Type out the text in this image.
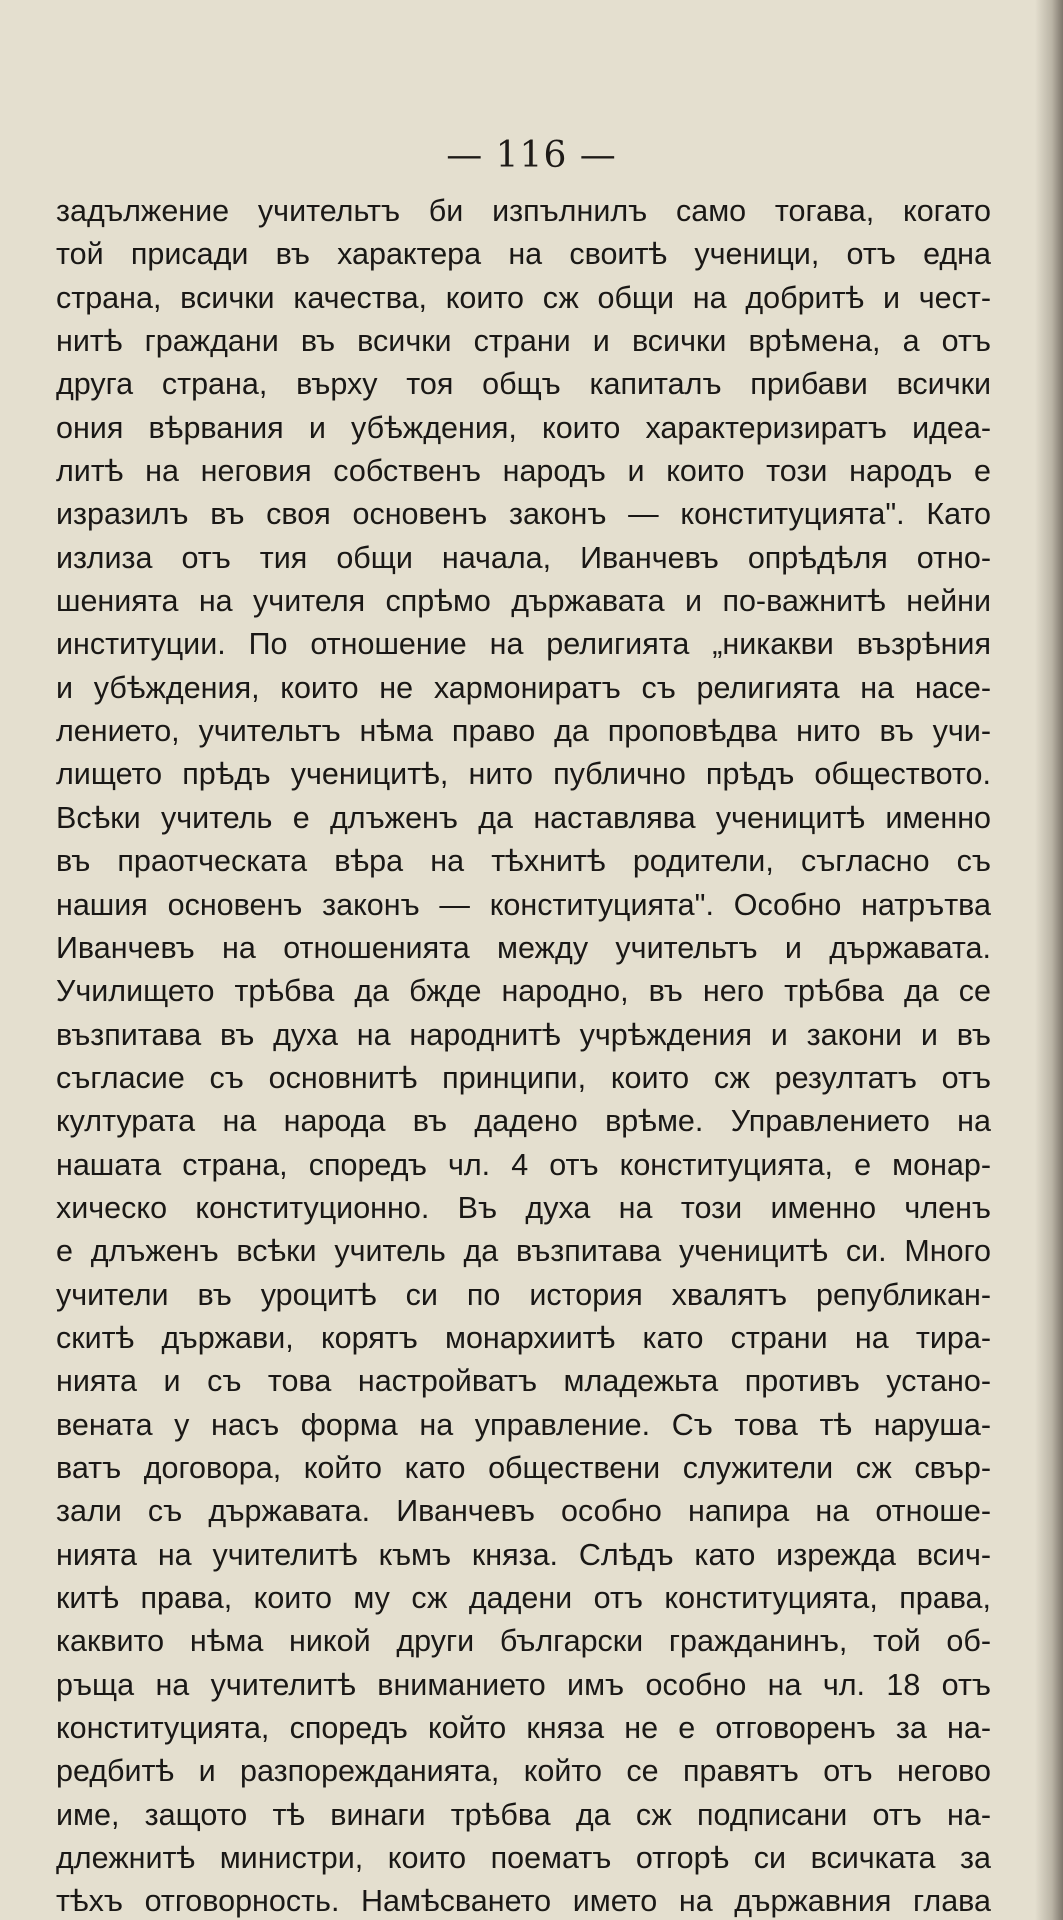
— 116 —
задължение учительтъ би изпълнилъ само тогава, когато
той присади въ характера на своитѣ ученици, отъ една
страна, всички качества, които сж общи на добритѣ и чест-
нитѣ граждани въ всички страни и всички врѣмена, а отъ
друга страна, върху тоя общъ капиталъ прибави всички
ония вѣрвания и убѣждения, които характеризиратъ идеа-
литѣ на неговия собственъ народъ и които този народъ е
изразилъ въ своя основенъ законъ — конституцията". Като
излиза отъ тия общи начала, Иванчевъ опрѣдѣля отно-
шенията на учителя спрѣмо държавата и по-важнитѣ нейни
институции. По отношение на религията „никакви възрѣния
и убѣждения, които не хармониратъ съ религията на насе-
лението, учительтъ нѣма право да проповѣдва нито въ учи-
лището прѣдъ ученицитѣ, нито публично прѣдъ обществото.
Всѣки учитель е длъженъ да наставлява ученицитѣ именно
въ праотческата вѣра на тѣхнитѣ родители, съгласно съ
нашия основенъ законъ — конституцията". Особно натрътва
Иванчевъ на отношенията между учительтъ и държавата.
Училището трѣбва да бжде народно, въ него трѣбва да се
възпитава въ духа на народнитѣ учрѣждения и закони и въ
съгласие съ основнитѣ принципи, които сж резултатъ отъ
културата на народа въ дадено врѣме. Управлението на
нашата страна, споредъ чл. 4 отъ конституцията, е монар-
хическо конституционно. Въ духа на този именно членъ
е длъженъ всѣки учитель да възпитава ученицитѣ си. Много
учители въ уроцитѣ си по история хвалятъ републикан-
скитѣ държави, корятъ монархиитѣ като страни на тира-
нията и съ това настройватъ младежьта противъ устано-
вената у насъ форма на управление. Съ това тѣ наруша-
ватъ договора, който като обществени служители сж свър-
зали съ държавата. Иванчевъ особно напира на отноше-
нията на учителитѣ къмъ княза. Слѣдъ като изрежда всич-
китѣ права, които му сж дадени отъ конституцията, права,
каквито нѣма никой други български гражданинъ, той об-
ръща на учителитѣ вниманието имъ особно на чл. 18 отъ
конституцията, споредъ който князa не е отговоренъ за на-
редбитѣ и разпорежданията, който се правятъ отъ негово
име, защото тѣ винаги трѣбва да сж подписани отъ на-
длежнитѣ министри, които поематъ отгорѣ си всичката за
тѣхъ отговорность. Намѣсването името на държавния глава
